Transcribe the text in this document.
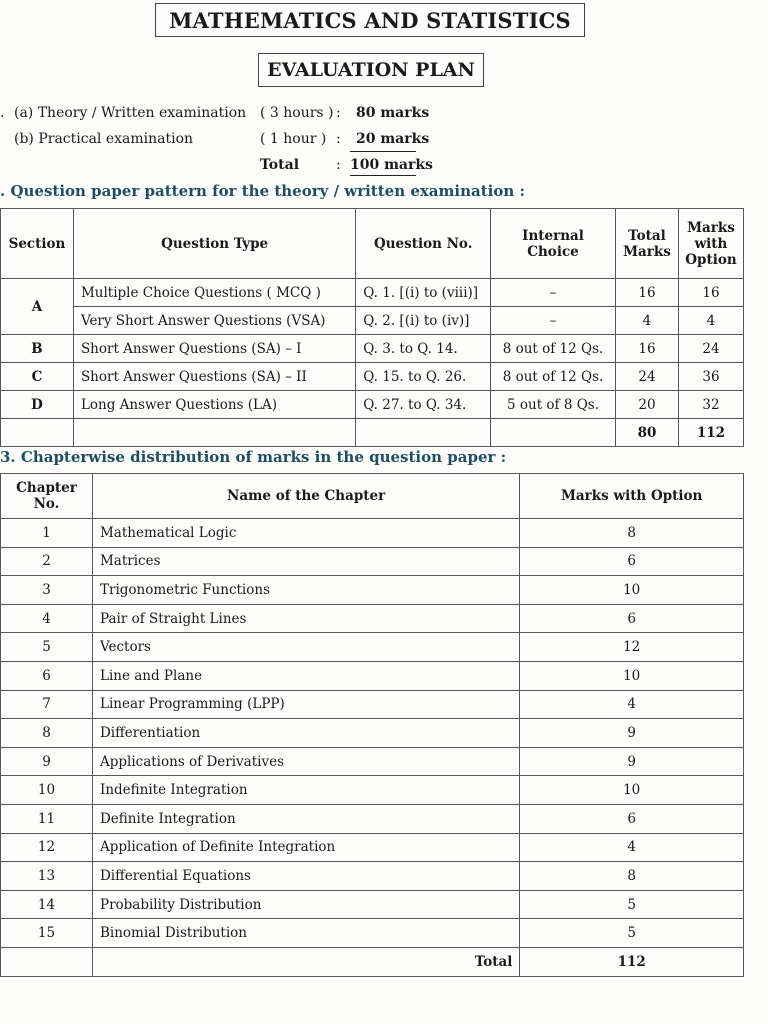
MATHEMATICS AND STATISTICS
EVALUATION PLAN
. (a) Theory / Written examination ( 3 hours ) : 80 marks
(b) Practical examination	( 1 hour ) : 20 marks
Total	: 100 marks
. Question paper pattern for the theory / written examination :
Section	Question Type	Question No.	Internal Choice	Total Marks	Marks with Option
A	Multiple Choice Questions ( MCQ )	Q. 1. [(i) to (viii)]	–	16	16
	Very Short Answer Questions (VSA)	Q. 2. [(i) to (iv)]	–	4	4
B	Short Answer Questions (SA) – I	Q. 3. to Q. 14.	8 out of 12 Qs.	16	24
C	Short Answer Questions (SA) – II	Q. 15. to Q. 26.	8 out of 12 Qs.	24	36
D	Long Answer Questions (LA)	Q. 27. to Q. 34.	5 out of 8 Qs.	20	32
				80	112
3. Chapterwise distribution of marks in the question paper :
Chapter No.	Name of the Chapter	Marks with Option
1	Mathematical Logic	8
2	Matrices	6
3	Trigonometric Functions	10
4	Pair of Straight Lines	6
5	Vectors	12
6	Line and Plane	10
7	Linear Programming (LPP)	4
8	Differentiation	9
9	Applications of Derivatives	9
10	Indefinite Integration	10
11	Definite Integration	6
12	Application of Definite Integration	4
13	Differential Equations	8
14	Probability Distribution	5
15	Binomial Distribution	5
	Total	112
